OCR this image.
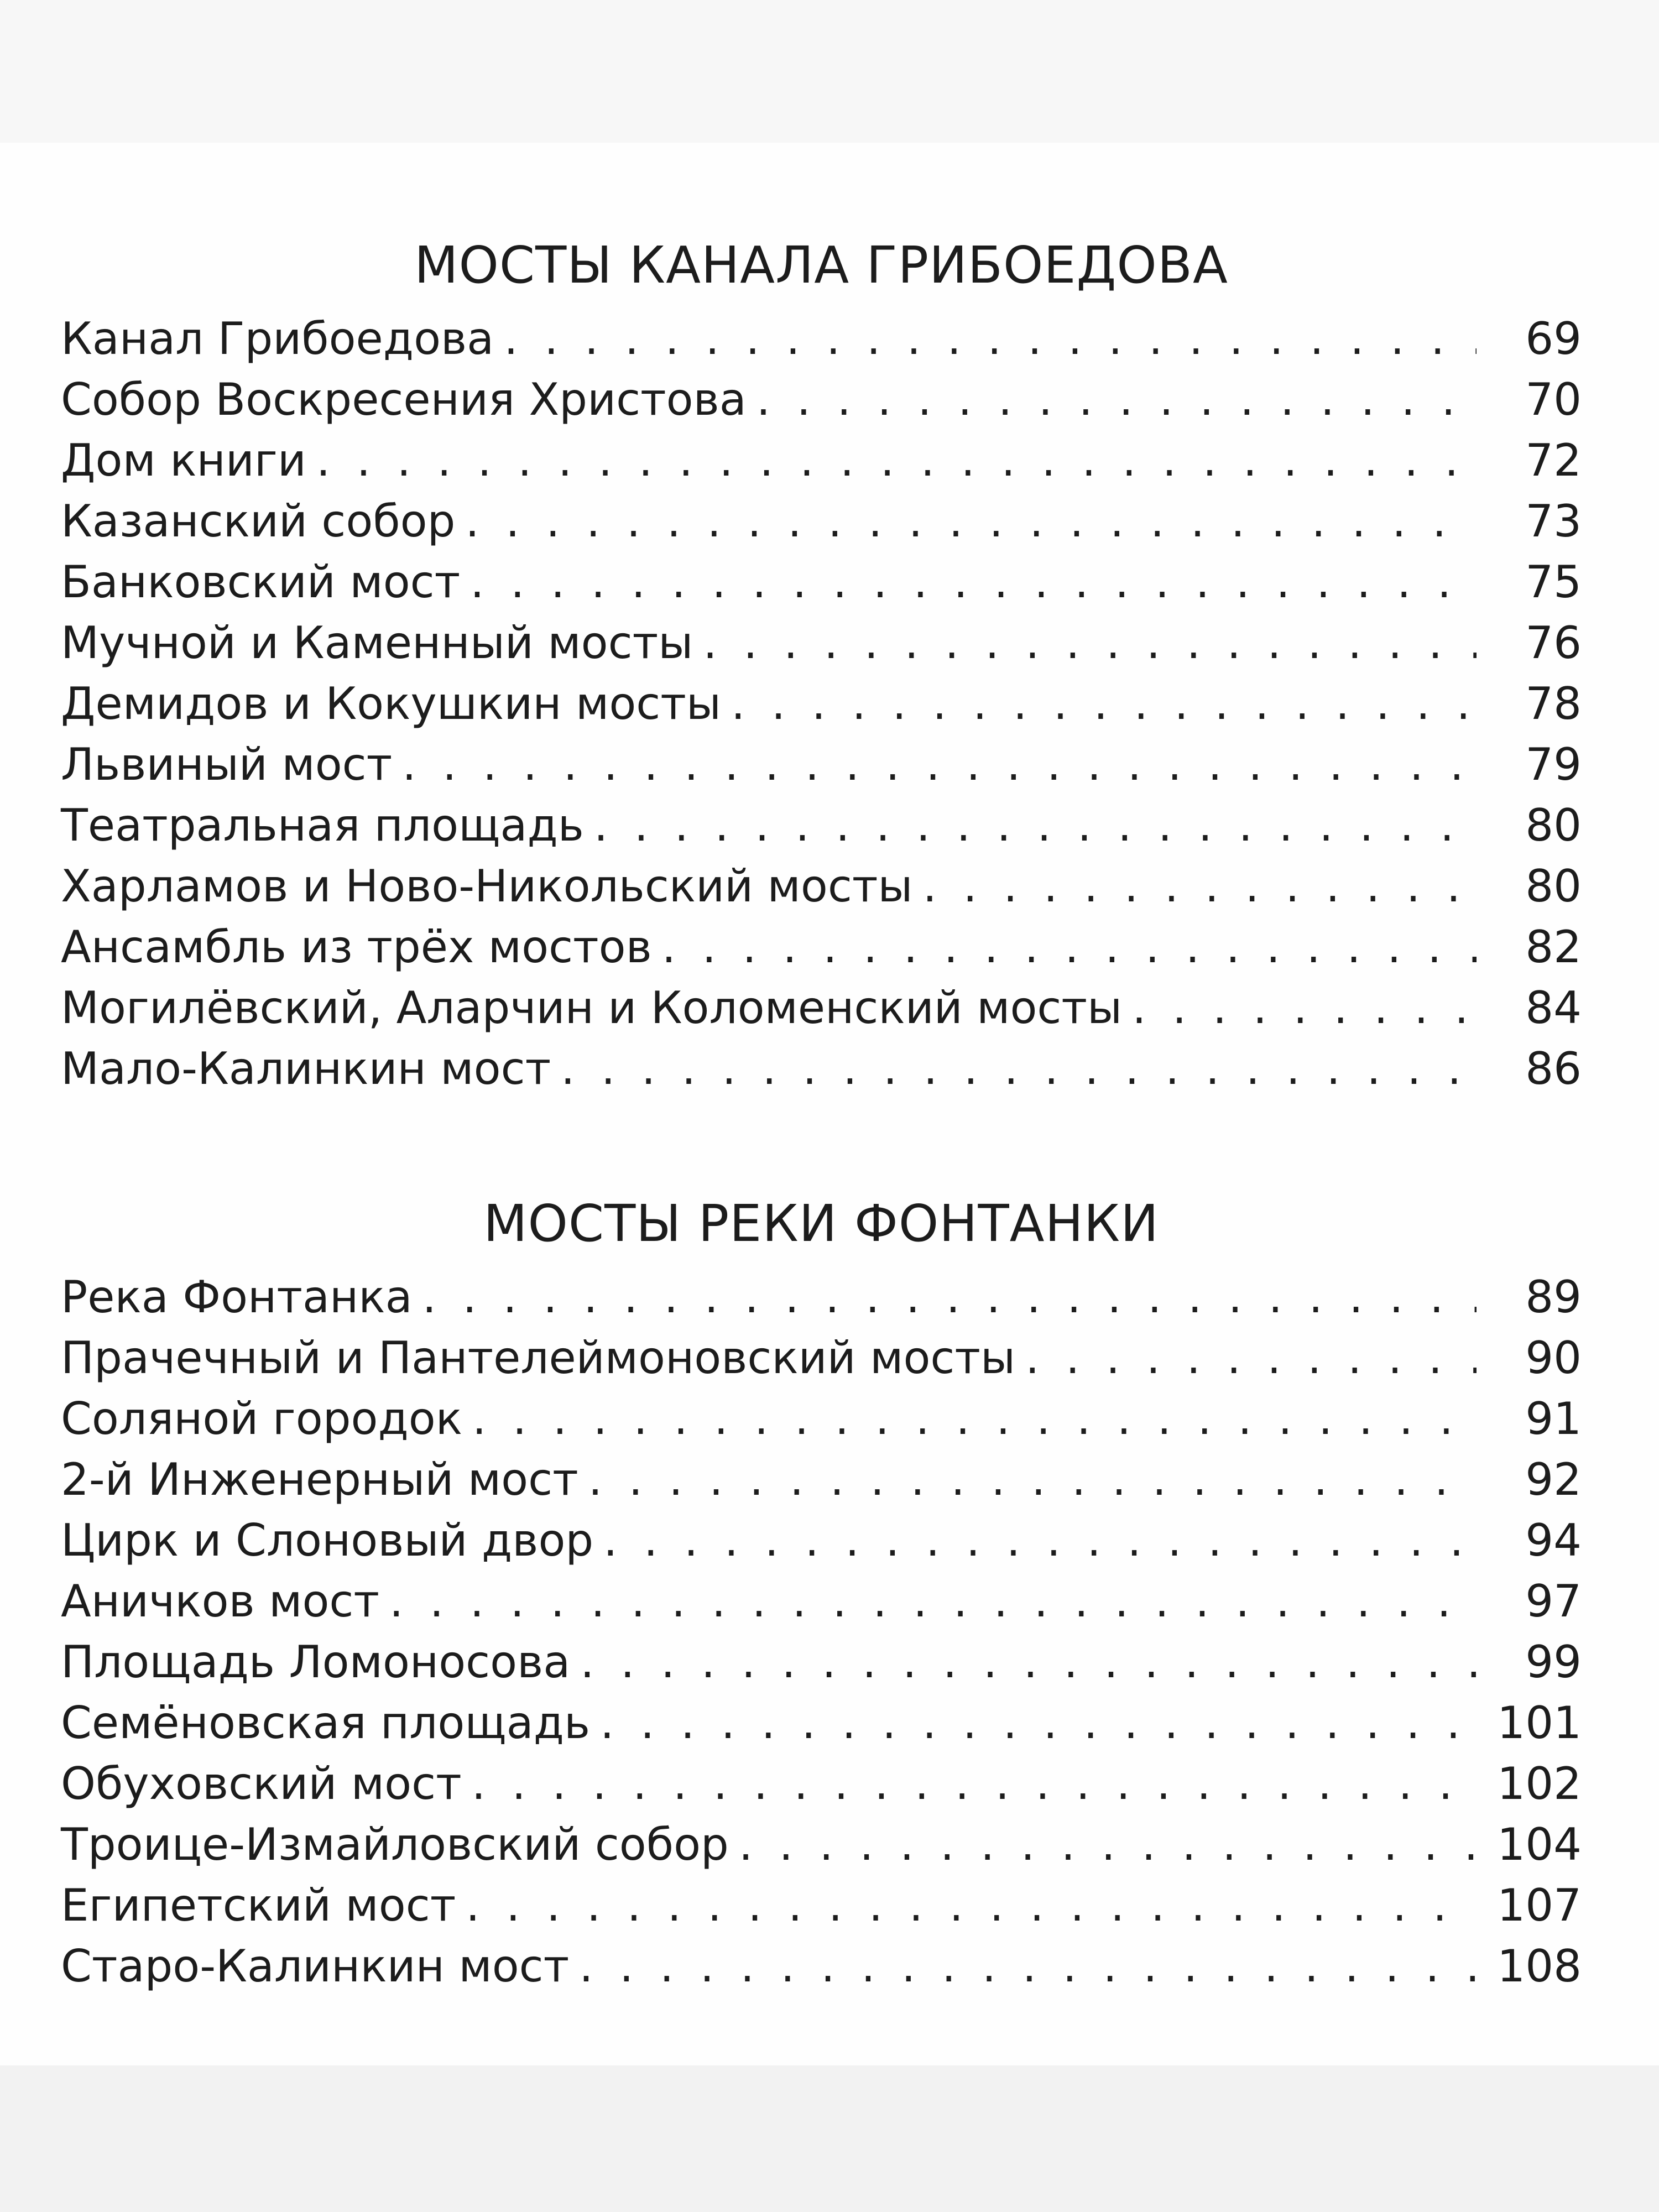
МОСТЫ КАНАЛА ГРИБОЕДОВА
Канал Грибоедова . . .	69
Собор Воскресения Христова . . .	70
Дом книги . . .	72
Казанский собор . . .	73
Банковский мост . . .	75
Мучной и Каменный мосты . . .	76
Демидов и Кокушкин мосты . . .	78
Львиный мост . . .	79
Театральная площадь . . .	80
Харламов и Ново-Никольский мосты . . .	80
Ансамбль из трёх мостов . . .	82
Могилёвский, Аларчин и Коломенский мосты . . .	84
Мало-Калинкин мост . . .	86
МОСТЫ РЕКИ ФОНТАНКИ
Река Фонтанка . . .	89
Прачечный и Пантелеймоновский мосты . . .	90
Соляной городок . . .	91
2-й Инженерный мост . . .	92
Цирк и Слоновый двор . . .	94
Аничков мост . . .	97
Площадь Ломоносова . . .	99
Семёновская площадь . . .	101
Обуховский мост . . .	102
Троице-Измайловский собор . . .	104
Египетский мост . . .	107
Старо-Калинкин мост . . .	108
